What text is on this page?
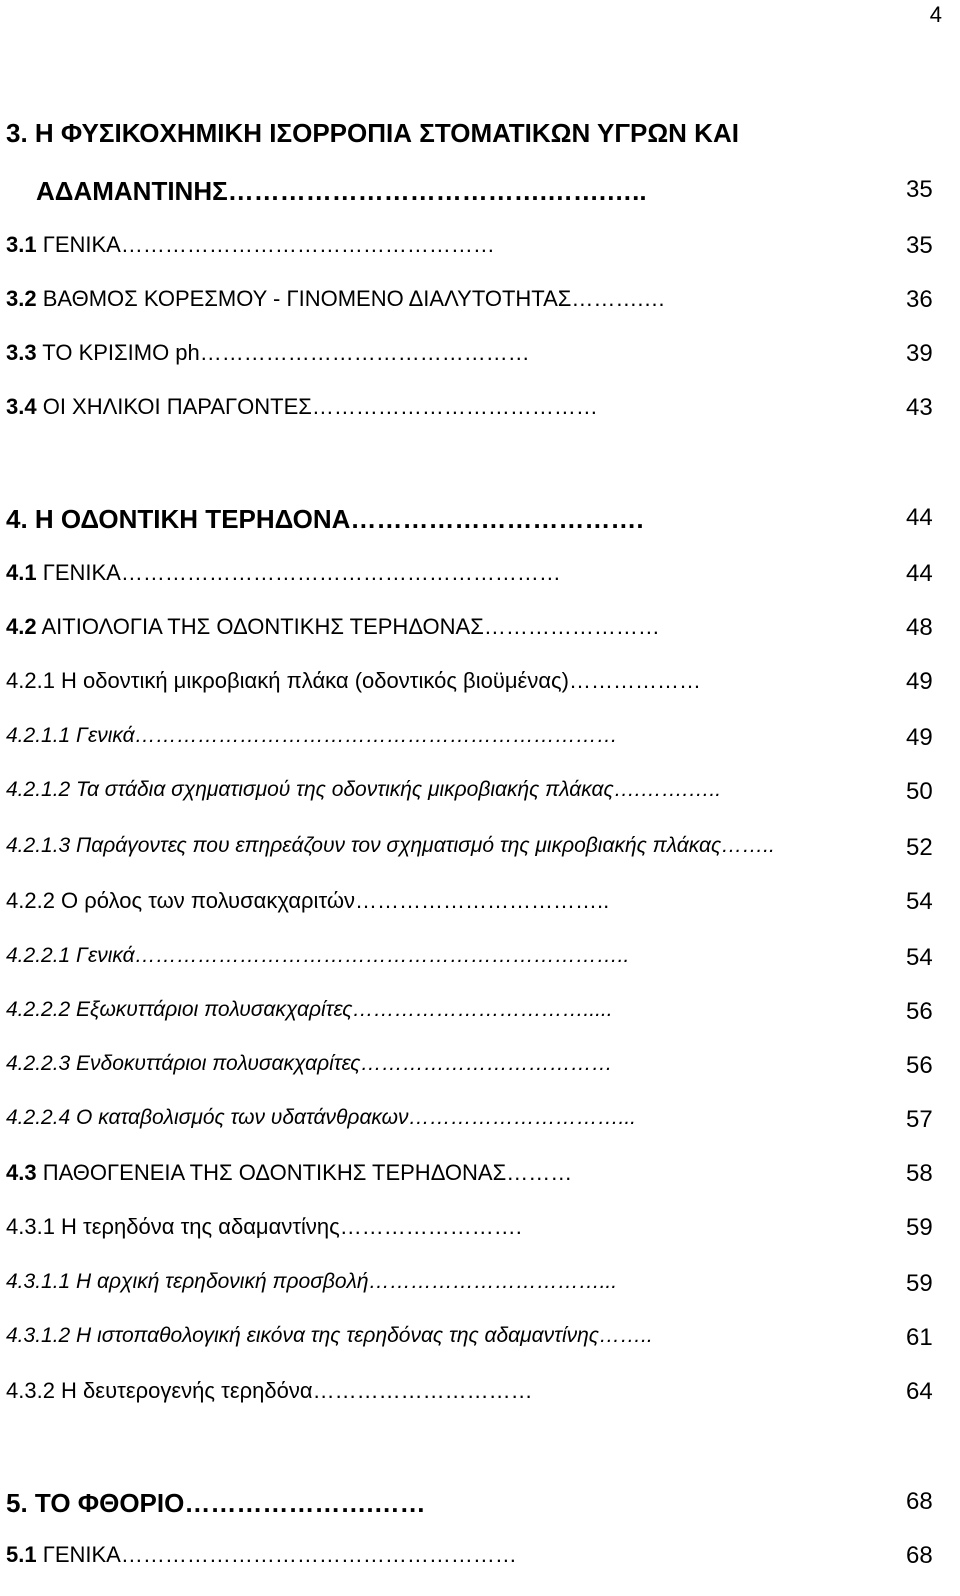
4
3. Η ΦΥΣΙΚΟΧΗΜΙΚΗ ΙΣΟΡΡΟΠΙΑ ΣΤΟΜΑΤΙΚΩΝ ΥΓΡΩΝ ΚΑΙ
ΑΔΑΜΑΝΤΙΝΗΣ……………………………….…….…..	35
3.1 ΓΕΝΙΚΑ……………………………………………	35
3.2 ΒΑΘΜΟΣ ΚΟΡΕΣΜΟΥ - ΓΙΝΟΜΕΝΟ ΔΙΑΛΥΤΟΤΗΤΑΣ……….…	36
3.3 ΤΟ ΚΡΙΣΙΜΟ ph………………………………………	39
3.4 ΟΙ ΧΗΛΙΚΟΙ ΠΑΡΑΓΟΝΤΕΣ…………………………………	43
4. Η ΟΔΟΝΤΙΚΗ ΤΕΡΗΔΟΝΑ…………………………….	44
4.1 ΓΕΝΙΚΑ……………………………………………………	44
4.2 ΑΙΤΙΟΛΟΓΙΑ ΤΗΣ ΟΔΟΝΤΙΚΗΣ ΤΕΡΗΔΟΝΑΣ……………………	48
4.2.1 Η οδοντική μικροβιακή πλάκα (οδοντικός βιοϋμένας)………………	49
4.2.1.1 Γενικά……………………………………………………………	49
4.2.1.2 Τα στάδια σχηματισμού της οδοντικής μικροβιακής πλάκας….…….…..	50
4.2.1.3 Παράγοντες που επηρεάζουν τον σχηματισμό της μικροβιακής πλάκας……..	52
4.2.2 Ο ρόλος των πολυσακχαριτών……………………………..	54
4.2.2.1 Γενικά……………………………………………………………..	54
4.2.2.2 Εξωκυττάριοι πολυσακχαρίτες…………………………….....	56
4.2.2.3 Ενδοκυττάριοι πολυσακχαρίτες………………………………	56
4.2.2.4 Ο καταβολισμός των υδατάνθρακων…………………………...	57
4.3 ΠΑΘΟΓΕΝΕΙΑ ΤΗΣ ΟΔΟΝΤΙΚΗΣ ΤΕΡΗΔΟΝΑΣ………	58
4.3.1 Η τερηδόνα της αδαμαντίνης…………………….	59
4.3.1.1 Η αρχική τερηδονική προσβολή……………………………...	59
4.3.1.2 Η ιστοπαθολογική εικόνα της τερηδόνας της αδαμαντίνης……..	61
4.3.2 Η δευτερογενής τερηδόνα…………………………	64
5. ΤΟ ΦΘΟΡΙΟ………………….……	68
5.1 ΓΕΝΙΚΑ………………………………………………	68
